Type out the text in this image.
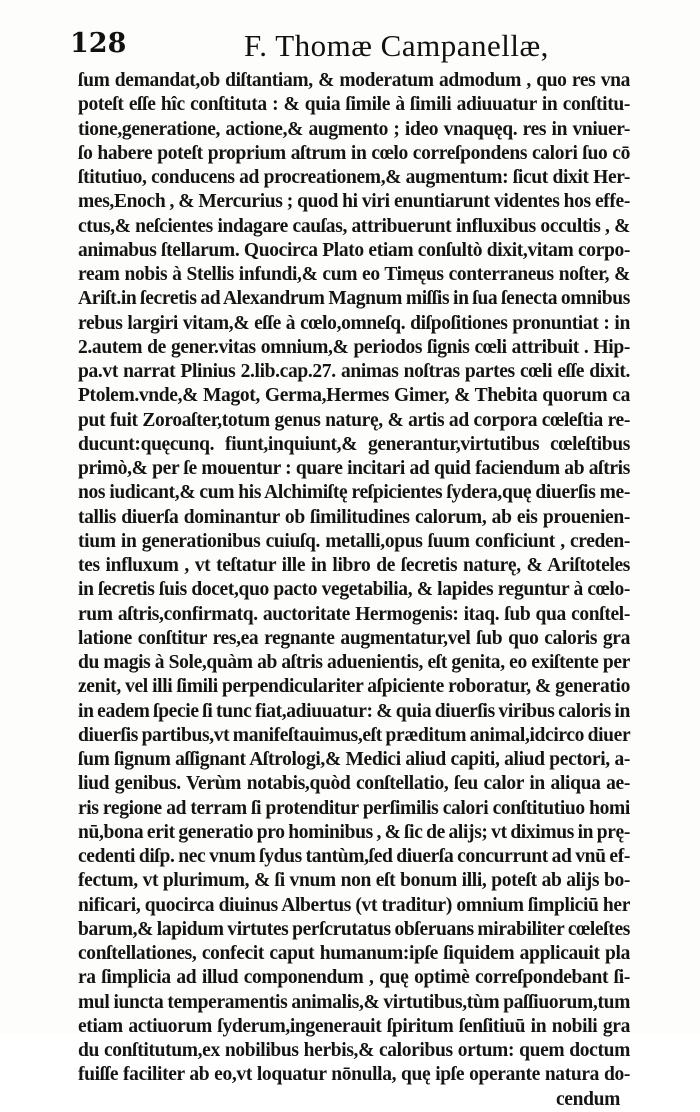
128	F. Thomæ Campanellæ,
ſum demandat,ob diſtantiam, & moderatum admodum , quo res vna
poteſt eſſe hîc conſtituta : & quia ſimile à ſimili adiuuatur in conſtitu-
tione,generatione, actione,& augmento ; ideo vnaquęq. res in vniuer-
ſo habere poteſt proprium aſtrum in cœlo correſpondens calori ſuo cō
ſtitutiuo, conducens ad procreationem,& augmentum: ſicut dixit Her-
mes,Enoch , & Mercurius ; quod hi viri enuntiarunt videntes hos effe-
ctus,& neſcientes indagare cauſas, attribuerunt influxibus occultis , &
animabus ſtellarum. Quocirca Plato etiam conſultò dixit,vitam corpo-
ream nobis à Stellis infundi,& cum eo Timęus conterraneus noſter, &
Ariſt.in ſecretis ad Alexandrum Magnum miſſis in ſua ſenecta omnibus
rebus largiri vitam,& eſſe à cœlo,omneſq. diſpoſitiones pronuntiat : in
2.autem de gener.vitas omnium,& periodos ſignis cœli attribuit . Hip-
pa.vt narrat Plinius 2.lib.cap.27. animas noſtras partes cœli eſſe dixit.
Ptolem.vnde,& Magot, Germa,Hermes Gimer, & Thebita quorum ca
put fuit Zoroaſter,totum genus naturę, & artis ad corpora cœleſtia re-
ducunt:quęcunq. fiunt,inquiunt,& generantur,virtutibus cœleſtibus
primò,& per ſe mouentur : quare incitari ad quid faciendum ab aſtris
nos iudicant,& cum his Alchimiſtę reſpicientes ſydera,quę diuerſis me-
tallis diuerſa dominantur ob ſimilitudines calorum, ab eis prouenien-
tium in generationibus cuiuſq. metalli,opus ſuum conficiunt , creden-
tes influxum , vt teſtatur ille in libro de ſecretis naturę, & Ariſtoteles
in ſecretis ſuis docet,quo pacto vegetabilia, & lapides reguntur à cœlo-
rum aſtris,confirmatq. auctoritate Hermogenis: itaq. ſub qua conſtel-
latione conſtitur res,ea regnante augmentatur,vel ſub quo caloris gra
du magis à Sole,quàm ab aſtris aduenientis, eſt genita, eo exiſtente per
zenit, vel illi ſimili perpendiculariter aſpiciente roboratur, & generatio
in eadem ſpecie ſi tunc fiat,adiuuatur: & quia diuerſis viribus caloris in
diuerſis partibus,vt manifeſtauimus,eſt prӕditum animal,idcirco diuer
ſum ſignum aſſignant Aſtrologi,& Medici aliud capiti, aliud pectori, a-
liud genibus. Verùm notabis,quòd conſtellatio, ſeu calor in aliqua ae-
ris regione ad terram ſi protenditur perſimilis calori conſtitutiuo homi
nū,bona erit generatio pro hominibus , & ſic de alijs; vt diximus in prę-
cedenti diſp. nec vnum ſydus tantùm,ſed diuerſa concurrunt ad vnū ef-
fectum, vt plurimum, & ſi vnum non eſt bonum illi, poteſt ab alijs bo-
nificari, quocirca diuinus Albertus (vt traditur) omnium ſimpliciū her
barum,& lapidum virtutes perſcrutatus obſeruans mirabiliter cœleſtes
conſtellationes, confecit caput humanum:ipſe ſiquidem applicauit pla
ra ſimplicia ad illud componendum , quę optimè correſpondebant ſi-
mul iuncta temperamentis animalis,& virtutibus,tùm paſſiuorum,tum
etiam actiuorum ſyderum,ingenerauit ſpiritum ſenſitiuū in nobili gra
du conſtitutum,ex nobilibus herbis,& caloribus ortum: quem doctum
fuiſſe faciliter ab eo,vt loquatur nōnulla, quę ipſe operante natura do-
cendum
